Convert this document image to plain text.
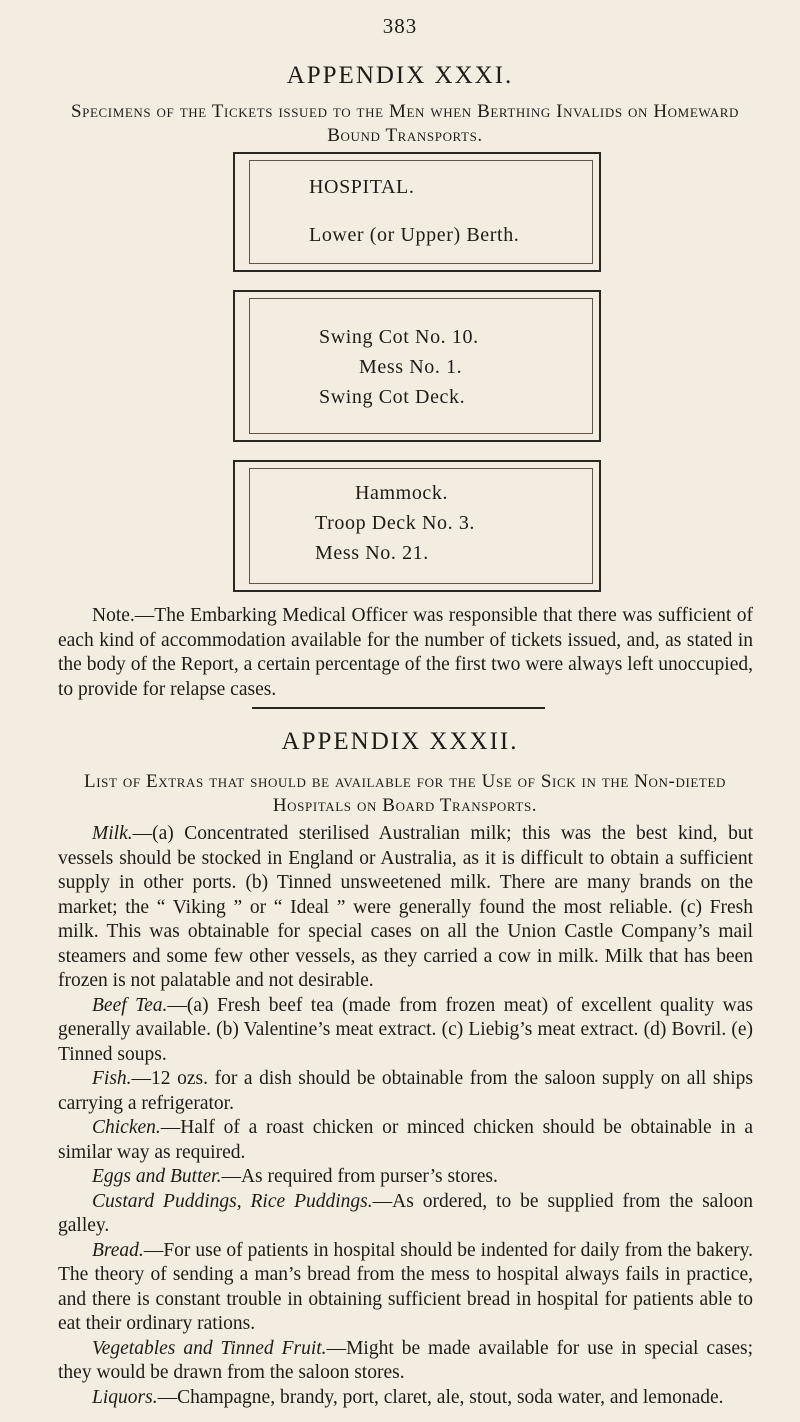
383
APPENDIX XXXI.
Specimens of the Tickets issued to the Men when Berthing Invalids on Homeward Bound Transports.
HOSPITAL.
Lower (or Upper) Berth.
Swing Cot No. 10.
Mess No. 1.
Swing Cot Deck.
Hammock.
Troop Deck No. 3.
Mess No. 21.
Note.—The Embarking Medical Officer was responsible that there was sufficient of each kind of accommodation available for the number of tickets issued, and, as stated in the body of the Report, a certain percentage of the first two were always left unoccupied, to provide for relapse cases.
APPENDIX XXXII.
List of Extras that should be available for the Use of Sick in the Non-dieted Hospitals on Board Transports.
Milk.—(a) Concentrated sterilised Australian milk; this was the best kind, but vessels should be stocked in England or Australia, as it is difficult to obtain a sufficient supply in other ports. (b) Tinned unsweetened milk. There are many brands on the market; the “ Viking ” or “ Ideal ” were generally found the most reliable. (c) Fresh milk. This was obtainable for special cases on all the Union Castle Company’s mail steamers and some few other vessels, as they carried a cow in milk. Milk that has been frozen is not palatable and not desirable.
Beef Tea.—(a) Fresh beef tea (made from frozen meat) of excellent quality was generally available. (b) Valentine’s meat extract. (c) Liebig’s meat extract. (d) Bovril. (e) Tinned soups.
Fish.—12 ozs. for a dish should be obtainable from the saloon supply on all ships carrying a refrigerator.
Chicken.—Half of a roast chicken or minced chicken should be obtainable in a similar way as required.
Eggs and Butter.—As required from purser’s stores.
Custard Puddings, Rice Puddings.—As ordered, to be supplied from the saloon galley.
Bread.—For use of patients in hospital should be indented for daily from the bakery. The theory of sending a man’s bread from the mess to hospital always fails in practice, and there is constant trouble in obtaining sufficient bread in hospital for patients able to eat their ordinary rations.
Vegetables and Tinned Fruit.—Might be made available for use in special cases; they would be drawn from the saloon stores.
Liquors.—Champagne, brandy, port, claret, ale, stout, soda water, and lemonade.
